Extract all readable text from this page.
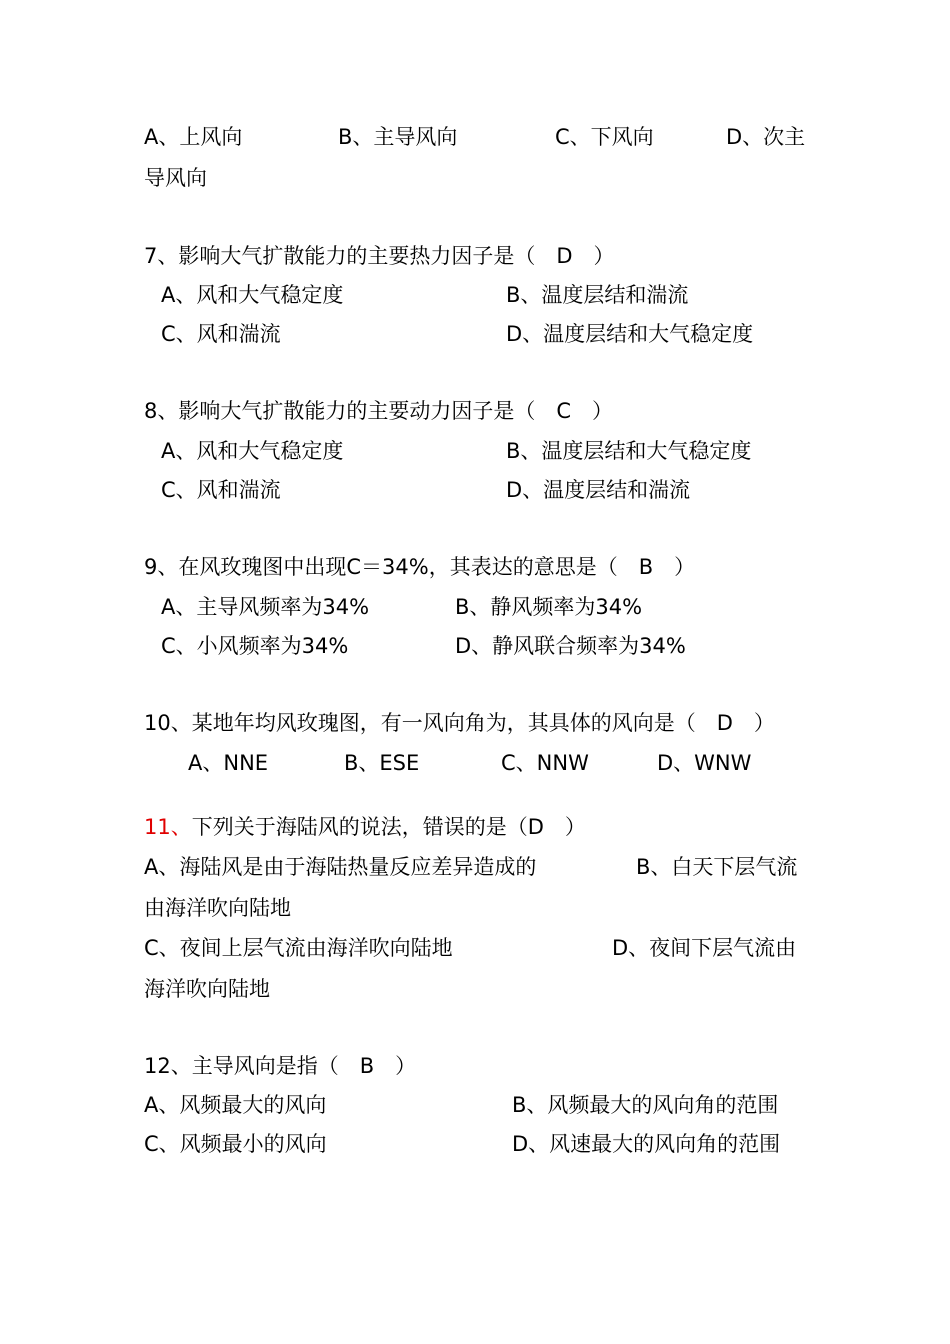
A、上风向	B、主导风向	C、下风向	D、次主
导风向
7、影响大气扩散能力的主要热力因子是（　D　）
A、风和大气稳定度	B、温度层结和湍流
C、风和湍流	D、温度层结和大气稳定度
8、影响大气扩散能力的主要动力因子是（　C　）
A、风和大气稳定度	B、温度层结和大气稳定度
C、风和湍流	D、温度层结和湍流
9、在风玫瑰图中出现C＝34%，其表达的意思是（　B　）
A、主导风频率为34%	B、静风频率为34%
C、小风频率为34%	D、静风联合频率为34%
10、某地年均风玫瑰图，有一风向角为，其具体的风向是（　D　）
A、NNE	B、ESE	C、NNW	D、WNW
11、下列关于海陆风的说法，错误的是（D　）
A、海陆风是由于海陆热量反应差异造成的	B、白天下层气流
由海洋吹向陆地
C、夜间上层气流由海洋吹向陆地	D、夜间下层气流由
海洋吹向陆地
12、主导风向是指（　B　）
A、风频最大的风向	B、风频最大的风向角的范围
C、风频最小的风向	D、风速最大的风向角的范围
